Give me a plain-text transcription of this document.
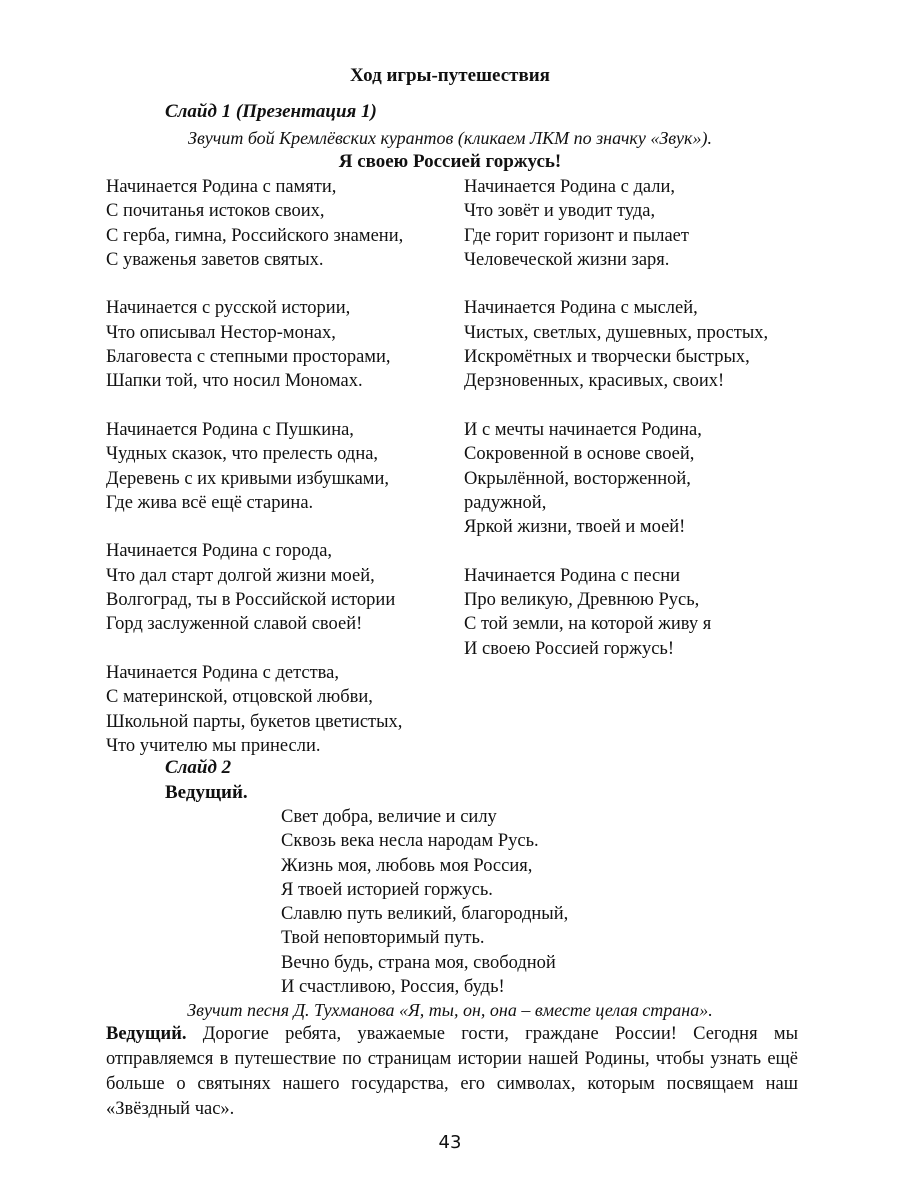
Ход игры-путешествия
Слайд 1 (Презентация 1)
Звучит бой Кремлёвских курантов (кликаем ЛКМ по значку «Звук»).
Я своею Россией горжусь!
Начинается Родина с памяти,
С почитанья истоков своих,
С герба, гимна, Российского знамени,
С уваженья заветов святых.
Начинается с русской истории,
Что описывал Нестор-монах,
Благовеста с степными просторами,
Шапки той, что носил Мономах.
Начинается Родина с Пушкина,
Чудных сказок, что прелесть одна,
Деревень с их кривыми избушками,
Где жива всё ещё старина.
Начинается Родина с города,
Что дал старт долгой жизни моей,
Волгоград, ты в Российской истории
Горд заслуженной славой своей!
Начинается Родина с детства,
С материнской, отцовской любви,
Школьной парты, букетов цветистых,
Что учителю мы принесли.
Начинается Родина с дали,
Что зовёт и уводит туда,
Где горит горизонт и пылает
Человеческой жизни заря.
Начинается Родина с мыслей,
Чистых, светлых, душевных, простых,
Искромётных и творчески быстрых,
Дерзновенных, красивых, своих!
И с мечты начинается Родина,
Сокровенной в основе своей,
Окрылённой, восторженной,
радужной,
Яркой жизни, твоей и моей!
Начинается Родина с песни
Про великую, Древнюю Русь,
С той земли, на которой живу я
И своею Россией горжусь!
Слайд 2
Ведущий.
Свет добра, величие и силу
Сквозь века несла народам Русь.
Жизнь моя, любовь моя Россия,
Я твоей историей горжусь.
Славлю путь великий, благородный,
Твой неповторимый путь.
Вечно будь, страна моя, свободной
И счастливою, Россия, будь!
Звучит песня Д. Тухманова «Я, ты, он, она – вместе целая страна».
Ведущий. Дорогие ребята, уважаемые гости, граждане России! Сегодня мы отправляемся в путешествие по страницам истории нашей Родины, чтобы узнать ещё больше о святынях нашего государства, его символах, которым посвящаем наш «Звёздный час».
43
